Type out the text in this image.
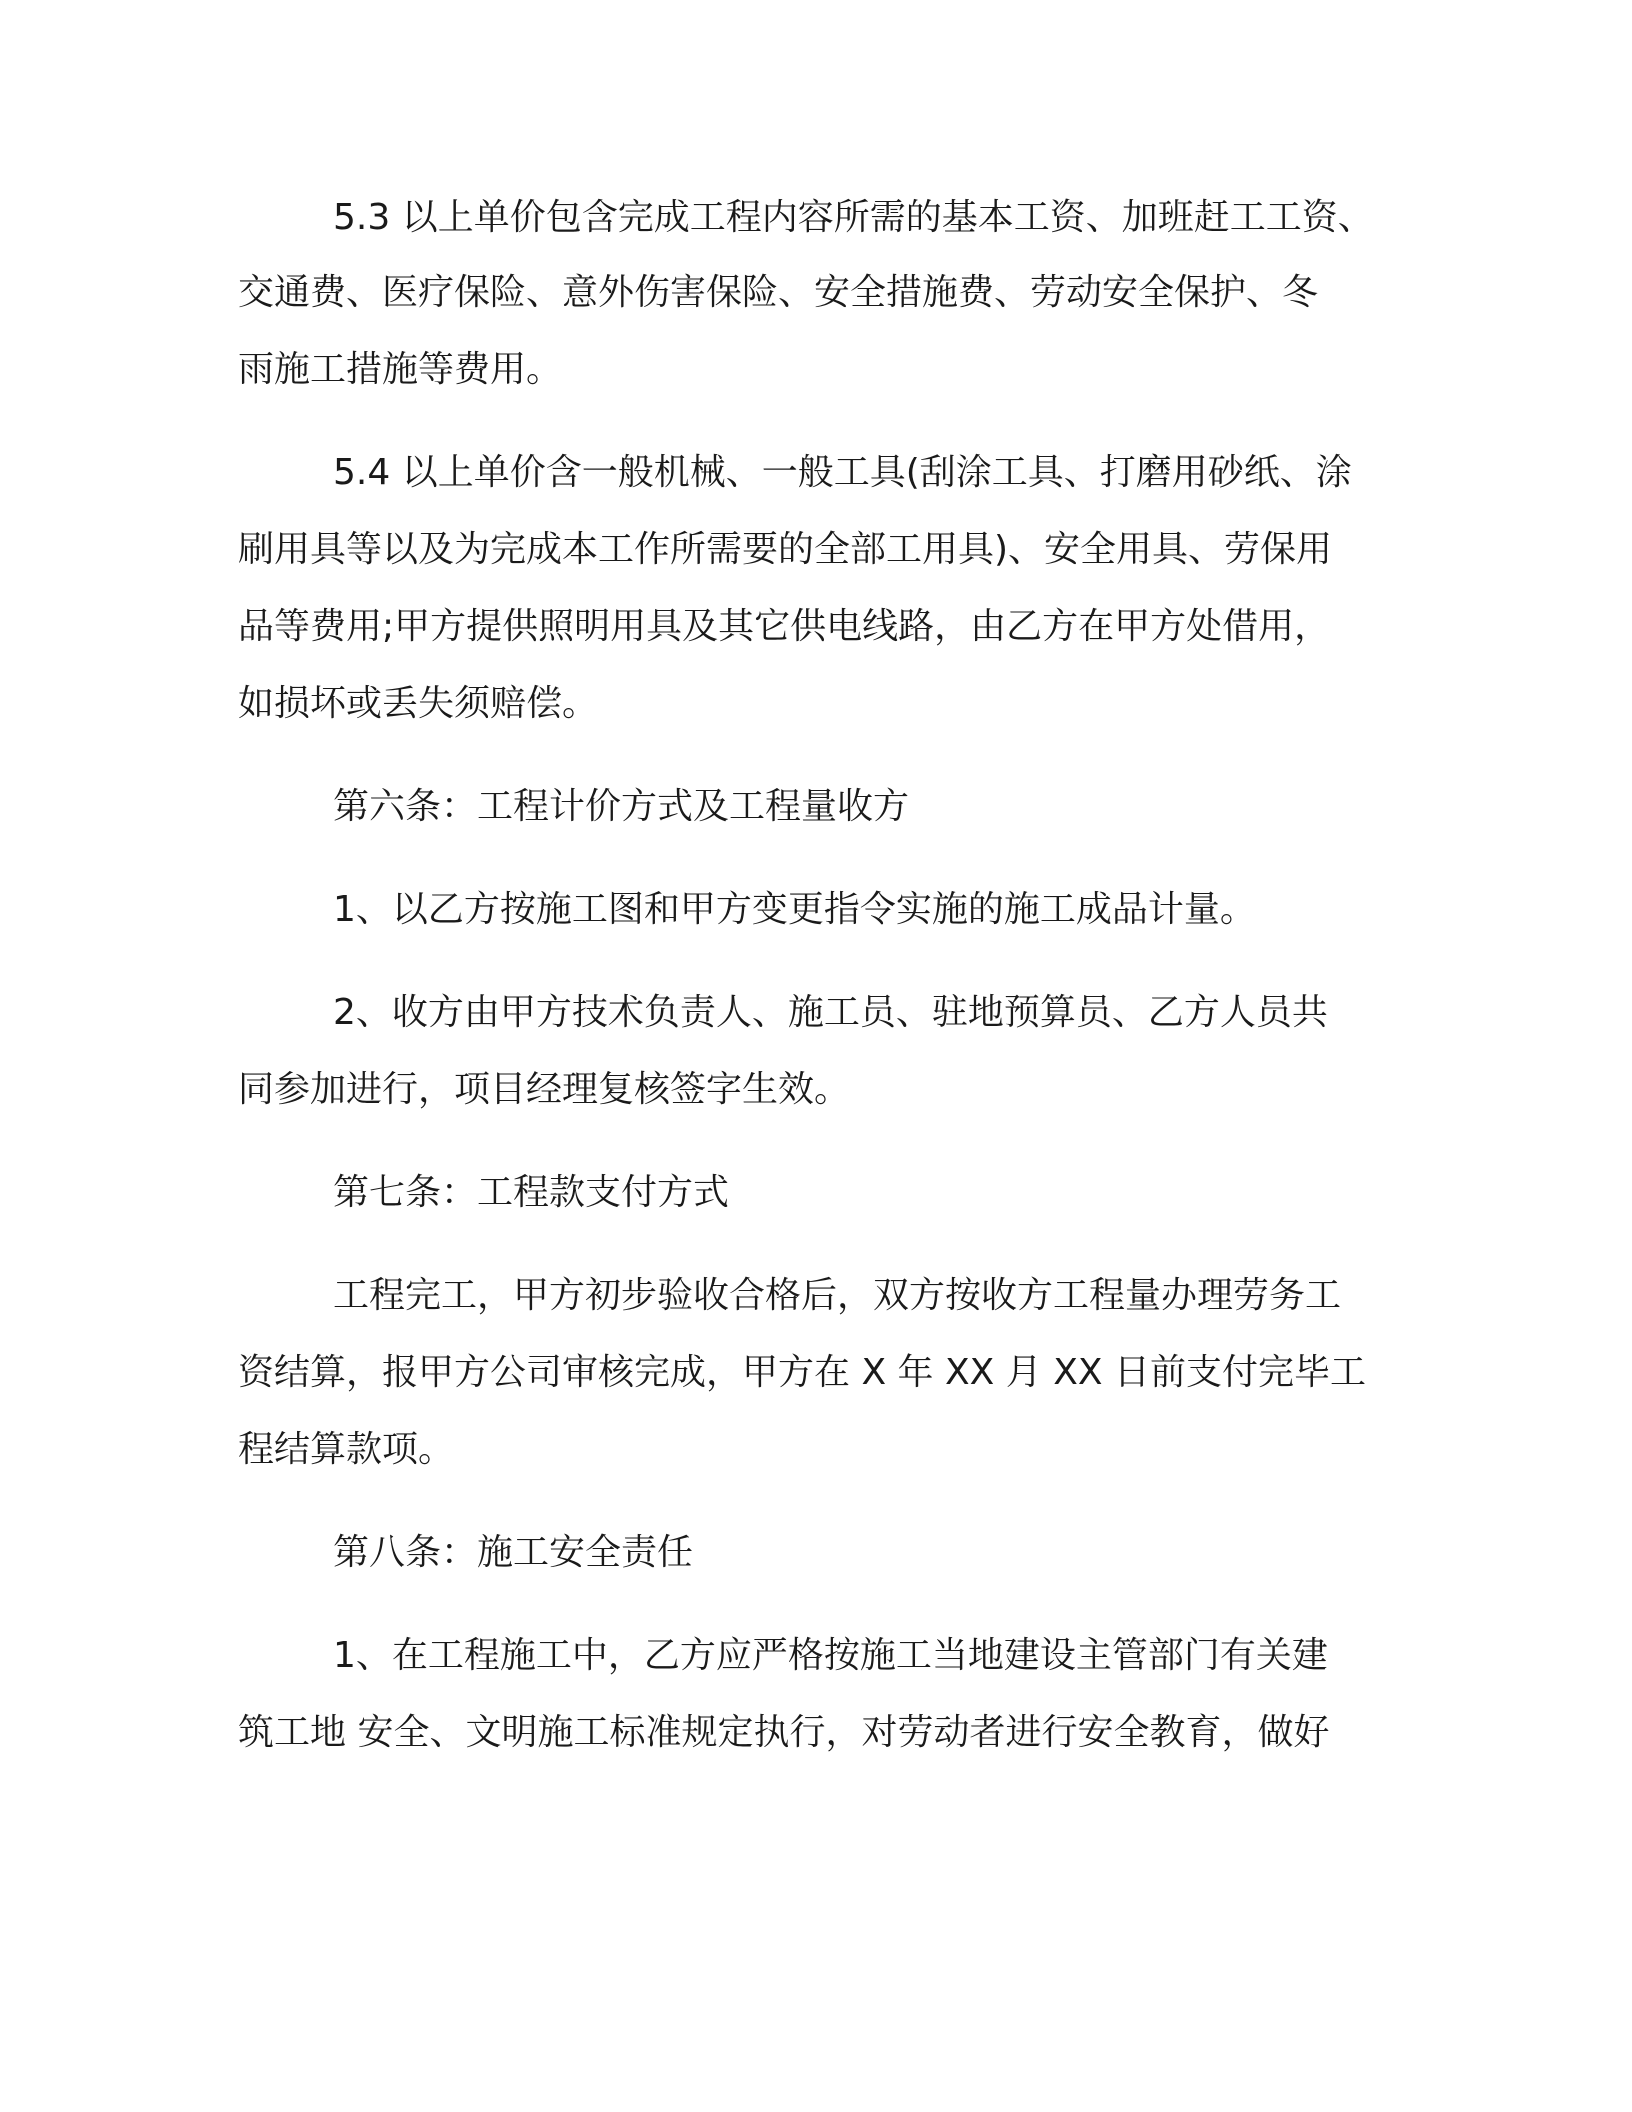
5.3 以上单价包含完成工程内容所需的基本工资、加班赶工工资、
交通费、医疗保险、意外伤害保险、安全措施费、劳动安全保护、冬
雨施工措施等费用。
5.4 以上单价含一般机械、一般工具(刮涂工具、打磨用砂纸、涂
刷用具等以及为完成本工作所需要的全部工用具)、安全用具、劳保用
品等费用;甲方提供照明用具及其它供电线路，由乙方在甲方处借用，
如损坏或丢失须赔偿。
第六条：工程计价方式及工程量收方
1、以乙方按施工图和甲方变更指令实施的施工成品计量。
2、收方由甲方技术负责人、施工员、驻地预算员、乙方人员共
同参加进行，项目经理复核签字生效。
第七条：工程款支付方式
工程完工，甲方初步验收合格后，双方按收方工程量办理劳务工
资结算，报甲方公司审核完成，甲方在 X 年 XX 月 XX 日前支付完毕工
程结算款项。
第八条：施工安全责任
1、在工程施工中，乙方应严格按施工当地建设主管部门有关建
筑工地 安全、文明施工标准规定执行，对劳动者进行安全教育，做好
